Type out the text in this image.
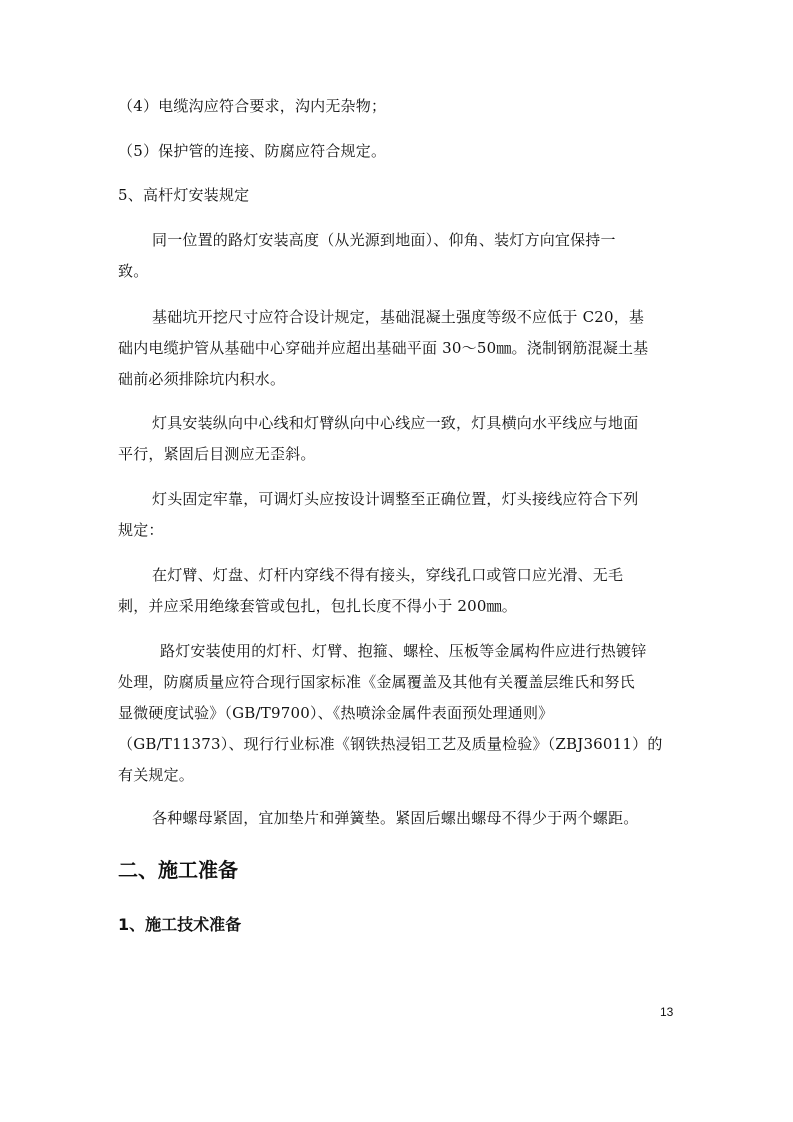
（4）电缆沟应符合要求，沟内无杂物；
（5）保护管的连接、防腐应符合规定。
5、高杆灯安装规定
同一位置的路灯安装高度（从光源到地面）、仰角、装灯方向宜保持一
致。
基础坑开挖尺寸应符合设计规定，基础混凝土强度等级不应低于 C20，基
础内电缆护管从基础中心穿础并应超出基础平面 30～50㎜。浇制钢筋混凝土基
础前必须排除坑内积水。
灯具安装纵向中心线和灯臂纵向中心线应一致，灯具横向水平线应与地面
平行，紧固后目测应无歪斜。
灯头固定牢靠，可调灯头应按设计调整至正确位置，灯头接线应符合下列
规定：
在灯臂、灯盘、灯杆内穿线不得有接头，穿线孔口或管口应光滑、无毛
刺，并应采用绝缘套管或包扎，包扎长度不得小于 200㎜。
路灯安装使用的灯杆、灯臂、抱箍、螺栓、压板等金属构件应进行热镀锌
处理，防腐质量应符合现行国家标准《金属覆盖及其他有关覆盖层维氏和努氏
显微硬度试验》（GB/T9700）、《热喷涂金属件表面预处理通则》
（GB/T11373）、现行行业标准《钢铁热浸铝工艺及质量检验》（ZBJ36011）的
有关规定。
各种螺母紧固，宜加垫片和弹簧垫。紧固后螺出螺母不得少于两个螺距。
二、施工准备
1、施工技术准备
13
